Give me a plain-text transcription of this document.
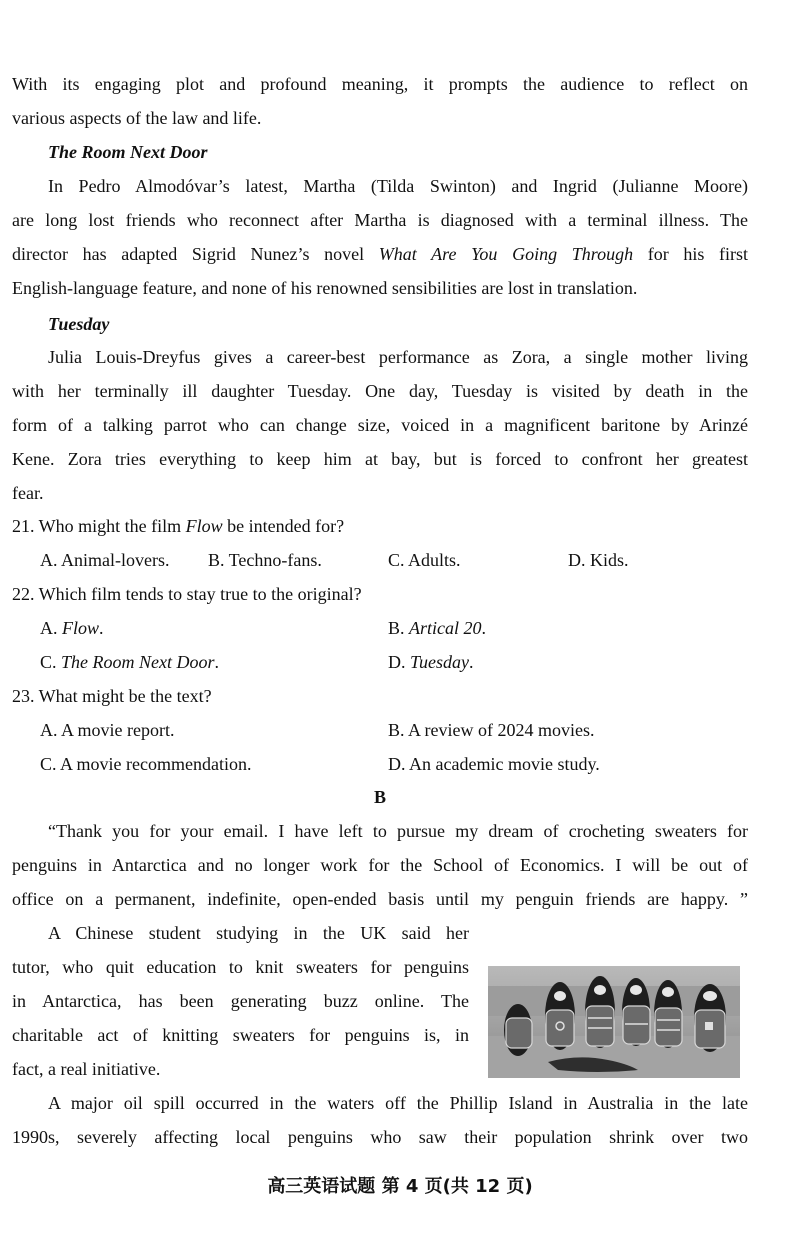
With its engaging plot and profound meaning, it prompts the audience to reflect on
various aspects of the law and life.
The Room Next Door
In Pedro Almodóvar’s latest, Martha (Tilda Swinton) and Ingrid (Julianne Moore)
are long lost friends who reconnect after Martha is diagnosed with a terminal illness. The
director has adapted Sigrid Nunez’s novel What Are You Going Through for his first
English-language feature, and none of his renowned sensibilities are lost in translation.
Tuesday
Julia Louis-Dreyfus gives a career-best performance as Zora, a single mother living
with her terminally ill daughter Tuesday. One day, Tuesday is visited by death in the
form of a talking parrot who can change size, voiced in a magnificent baritone by Arinzé
Kene. Zora tries everything to keep him at bay, but is forced to confront her greatest
fear.
21. Who might the film Flow be intended for?
A. Animal-lovers. B. Techno-fans.	C. Adults.	D. Kids.
22. Which film tends to stay true to the original?
A. Flow.	B. Artical 20.
C. The Room Next Door.	D. Tuesday.
23. What might be the text?
A. A movie report.	B. A review of 2024 movies.
C. A movie recommendation.	D. An academic movie study.
B
“Thank you for your email. I have left to pursue my dream of crocheting sweaters for
penguins in Antarctica and no longer work for the School of Economics. I will be out of
office on a permanent, indefinite, open-ended basis until my penguin friends are happy. ”
A Chinese student studying in the UK said her
tutor, who quit education to knit sweaters for penguins
in Antarctica, has been generating buzz online. The
charitable act of knitting sweaters for penguins is, in
fact, a real initiative.
A major oil spill occurred in the waters off the Phillip Island in Australia in the late
1990s, severely affecting local penguins who saw their population shrink over two
高三英语试题 第 4 页(共 12 页)
